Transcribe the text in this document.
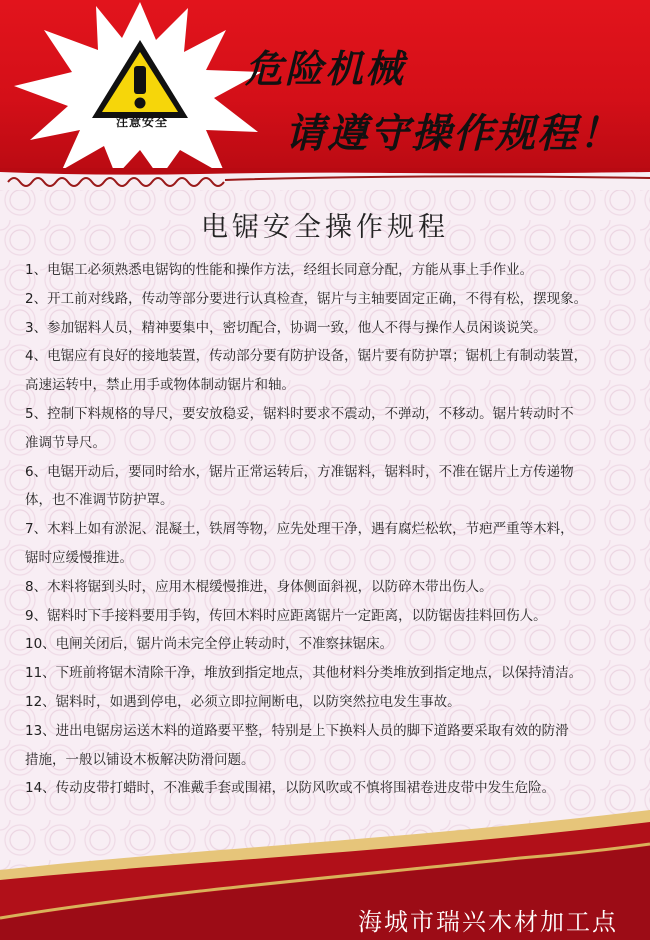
注意安全
危险机械
请遵守操作规程！
电锯安全操作规程
1、电锯工必须熟悉电锯钩的性能和操作方法，经组长同意分配，方能从事上手作业。
2、开工前对线路，传动等部分要进行认真检查，锯片与主轴要固定正确，不得有松，摆现象。
3、参加锯料人员，精神要集中，密切配合，协调一致，他人不得与操作人员闲谈说笑。
4、电锯应有良好的接地装置，传动部分要有防护设备，锯片要有防护罩；锯机上有制动装置，
高速运转中，禁止用手或物体制动锯片和轴。
5、控制下料规格的导尺，要安放稳妥，锯料时要求不震动，不弹动，不移动。锯片转动时不
准调节导尺。
6、电锯开动后，要同时给水，锯片正常运转后，方准锯料，锯料时，不准在锯片上方传递物
体，也不准调节防护罩。
7、木料上如有淤泥、混凝土，铁屑等物，应先处理干净，遇有腐烂松软，节疤严重等木料，
锯时应缓慢推进。
8、木料将锯到头时，应用木棍缓慢推进，身体侧面斜视，以防碎木带出伤人。
9、锯料时下手接料要用手钩，传回木料时应距离锯片一定距离，以防锯齿挂料回伤人。
10、电闸关闭后，锯片尚未完全停止转动时，不准察抹锯床。
11、下班前将锯木清除干净，堆放到指定地点，其他材料分类堆放到指定地点，以保持清洁。
12、锯料时，如遇到停电，必须立即拉闸断电，以防突然拉电发生事故。
13、进出电锯房运送木料的道路要平整，特别是上下换料人员的脚下道路要采取有效的防滑
措施，一般以铺设木板解决防滑问题。
14、传动皮带打蜡时，不准戴手套或围裙，以防风吹或不慎将围裙卷进皮带中发生危险。
海城市瑞兴木材加工点
